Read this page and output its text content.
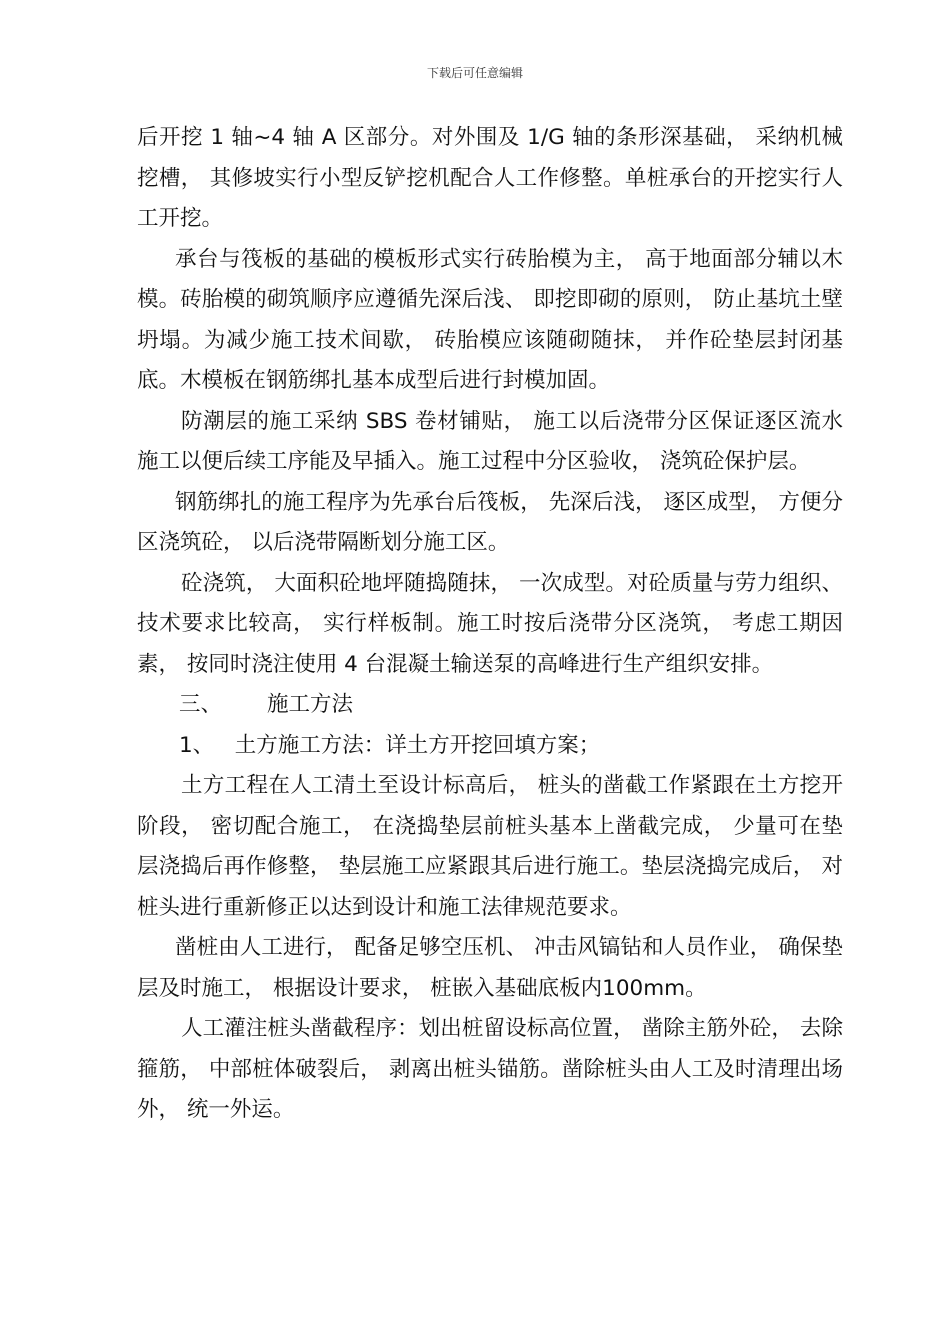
下载后可任意编辑

后开挖 1 轴~4 轴 A 区部分。对外围及 1/G 轴的条形深基础， 采纳机械挖槽， 其修坡实行小型反铲挖机配合人工作修整。单桩承台的开挖实行人工开挖。

承台与筏板的基础的模板形式实行砖胎模为主， 高于地面部分辅以木模。砖胎模的砌筑顺序应遵循先深后浅、 即挖即砌的原则， 防止基坑土壁坍塌。为减少施工技术间歇， 砖胎模应该随砌随抹， 并作砼垫层封闭基底。木模板在钢筋绑扎基本成型后进行封模加固。

防潮层的施工采纳 SBS 卷材铺贴， 施工以后浇带分区保证逐区流水施工以便后续工序能及早插入。施工过程中分区验收， 浇筑砼保护层。

钢筋绑扎的施工程序为先承台后筏板， 先深后浅， 逐区成型， 方便分区浇筑砼， 以后浇带隔断划分施工区。

砼浇筑， 大面积砼地坪随捣随抹， 一次成型。对砼质量与劳力组织、 技术要求比较高， 实行样板制。施工时按后浇带分区浇筑， 考虑工期因素， 按同时浇注使用 4 台混凝土输送泵的高峰进行生产组织安排。

三、 施工方法

1、 土方施工方法：详土方开挖回填方案；

土方工程在人工清土至设计标高后， 桩头的凿截工作紧跟在土方挖开阶段， 密切配合施工， 在浇捣垫层前桩头基本上凿截完成， 少量可在垫层浇捣后再作修整， 垫层施工应紧跟其后进行施工。垫层浇捣完成后， 对桩头进行重新修正以达到设计和施工法律规范要求。

凿桩由人工进行， 配备足够空压机、 冲击风镐钻和人员作业， 确保垫层及时施工， 根据设计要求， 桩嵌入基础底板内100mm。

人工灌注桩头凿截程序：划出桩留设标高位置， 凿除主筋外砼， 去除箍筋， 中部桩体破裂后， 剥离出桩头锚筋。凿除桩头由人工及时清理出场外， 统一外运。
